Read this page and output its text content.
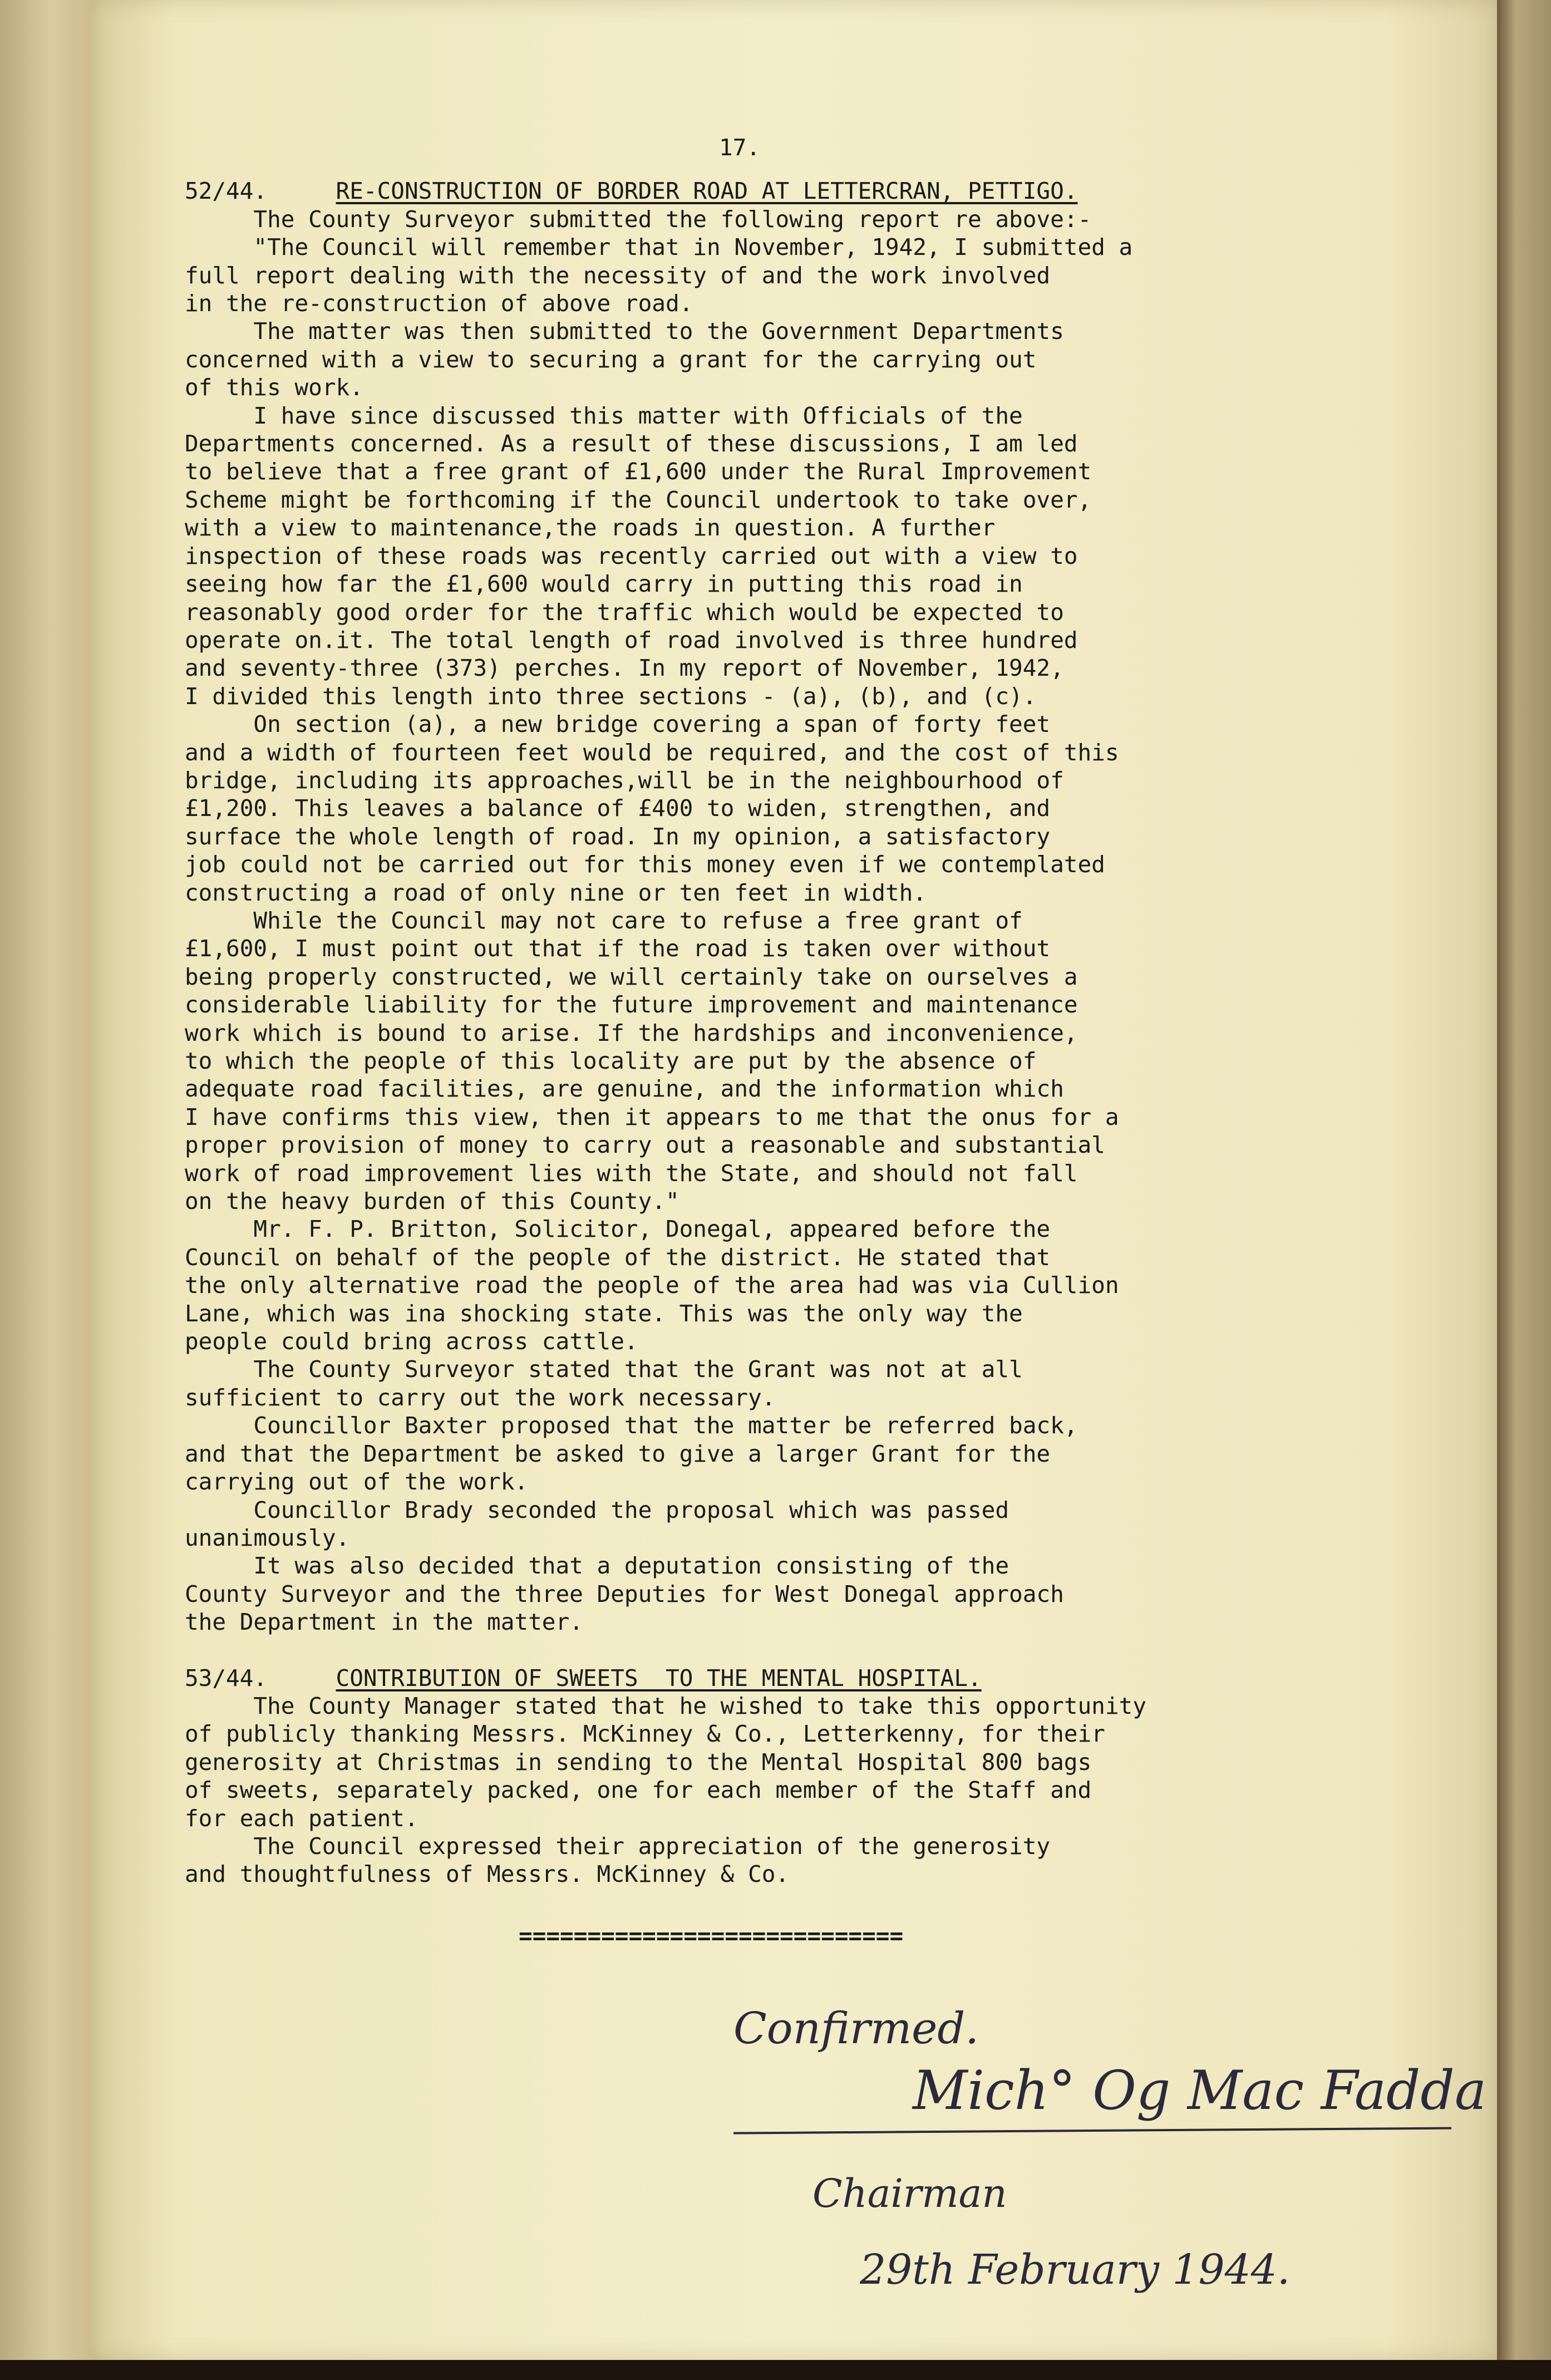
17.
52/44.	RE-CONSTRUCTION OF BORDER ROAD AT LETTERCRAN, PETTIGO.
The County Surveyor submitted the following report re above:-
"The Council will remember that in November, 1942, I submitted a
full report dealing with the necessity of and the work involved
in the re-construction of above road.
The matter was then submitted to the Government Departments
concerned with a view to securing a grant for the carrying out
of this work.
I have since discussed this matter with Officials of the
Departments concerned. As a result of these discussions, I am led
to believe that a free grant of £1,600 under the Rural Improvement
Scheme might be forthcoming if the Council undertook to take over,
with a view to maintenance,the roads in question. A further
inspection of these roads was recently carried out with a view to
seeing how far the £1,600 would carry in putting this road in
reasonably good order for the traffic which would be expected to
operate on.it. The total length of road involved is three hundred
and seventy-three (373) perches. In my report of November, 1942,
I divided this length into three sections - (a), (b), and (c).
On section (a), a new bridge covering a span of forty feet
and a width of fourteen feet would be required, and the cost of this
bridge, including its approaches,will be in the neighbourhood of
£1,200. This leaves a balance of £400 to widen, strengthen, and
surface the whole length of road. In my opinion, a satisfactory
job could not be carried out for this money even if we contemplated
constructing a road of only nine or ten feet in width.
While the Council may not care to refuse a free grant of
£1,600, I must point out that if the road is taken over without
being properly constructed, we will certainly take on ourselves a
considerable liability for the future improvement and maintenance
work which is bound to arise. If the hardships and inconvenience,
to which the people of this locality are put by the absence of
adequate road facilities, are genuine, and the information which
I have confirms this view, then it appears to me that the onus for a
proper provision of money to carry out a reasonable and substantial
work of road improvement lies with the State, and should not fall
on the heavy burden of this County."
Mr. F. P. Britton, Solicitor, Donegal, appeared before the
Council on behalf of the people of the district. He stated that
the only alternative road the people of the area had was via Cullion
Lane, which was ina shocking state. This was the only way the
people could bring across cattle.
The County Surveyor stated that the Grant was not at all
sufficient to carry out the work necessary.
Councillor Baxter proposed that the matter be referred back,
and that the Department be asked to give a larger Grant for the
carrying out of the work.
Councillor Brady seconded the proposal which was passed
unanimously.
It was also decided that a deputation consisting of the
County Surveyor and the three Deputies for West Donegal approach
the Department in the matter.
53/44.	CONTRIBUTION OF SWEETS  TO THE MENTAL HOSPITAL.
The County Manager stated that he wished to take this opportunity
of publicly thanking Messrs. McKinney & Co., Letterkenny, for their
generosity at Christmas in sending to the Mental Hospital 800 bags
of sweets, separately packed, one for each member of the Staff and
for each patient.
The Council expressed their appreciation of the generosity
and thoughtfulness of Messrs. McKinney & Co.
============================
Confirmed.
Mich° Og Mac Fadda
Chairman
29th February 1944.
